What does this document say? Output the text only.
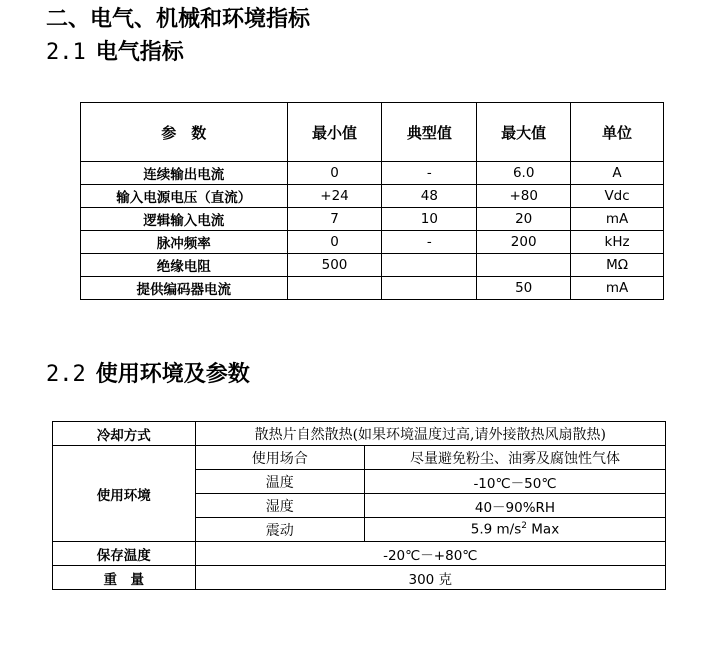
二、电气、机械和环境指标
2.1 电气指标
参　数	最小值	典型值	最大值	单位
连续输出电流	0	-	6.0	A
输入电源电压（直流）	+24	48	+80	Vdc
逻辑输入电流	7	10	20	mA
脉冲频率	0	-	200	kHz
绝缘电阻	500			MΩ
提供编码器电流			50	mA
2.2 使用环境及参数
冷却方式	散热片自然散热(如果环境温度过高,请外接散热风扇散热)	
使用环境	使用场合	尽量避免粉尘、油雾及腐蚀性气体
	温度	-10℃－50℃
	湿度	40－90%RH
	震动	5.9 $m/s^2$ Max
保存温度	-20℃－+80℃	
重　量	300 克	
